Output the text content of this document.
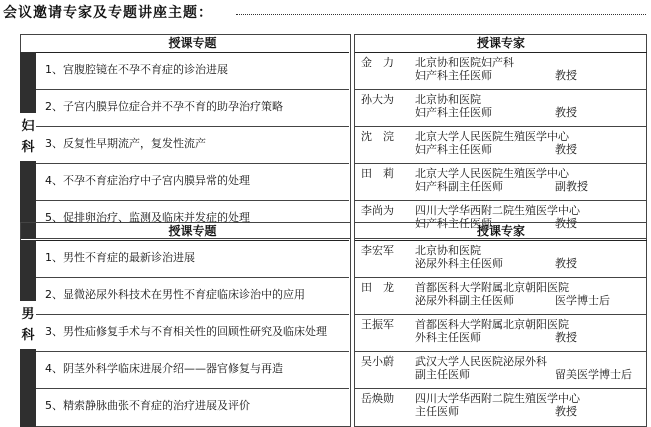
会议邀请专家及专题讲座主题：
授课专题	授课专家
妇
科
1、宫腹腔镜在不孕不育症的诊治进展
金　力	北京协和医院妇产科
妇产科主任医师	教授
2、子宫内膜异位症合并不孕不育的助孕治疗策略
孙大为	北京协和医院
妇产科主任医师	教授
3、反复性早期流产，复发性流产
沈　浣	北京大学人民医院生殖医学中心
妇产科主任医师	教授
4、不孕不育症治疗中子宫内膜异常的处理
田　莉	北京大学人民医院生殖医学中心
妇产科副主任医师	副教授
5、促排卵治疗、监测及临床并发症的处理
李尚为	四川大学华西附二院生殖医学中心
妇产科主任医师	教授
授课专题	授课专家
男
科
1、男性不育症的最新诊治进展
李宏军	北京协和医院
泌尿外科主任医师	教授
2、显微泌尿外科技术在男性不育症临床诊治中的应用
田　龙	首都医科大学附属北京朝阳医院
泌尿外科副主任医师	医学博士后
3、男性疝修复手术与不育相关性的回顾性研究及临床处理
王振军	首都医科大学附属北京朝阳医院
外科主任医师	教授
4、阴茎外科学临床进展介绍——器官修复与再造
吴小蔚	武汉大学人民医院泌尿外科
副主任医师	留美医学博士后
5、精索静脉曲张不育症的治疗进展及评价
岳焕勋	四川大学华西附二院生殖医学中心
主任医师	教授
